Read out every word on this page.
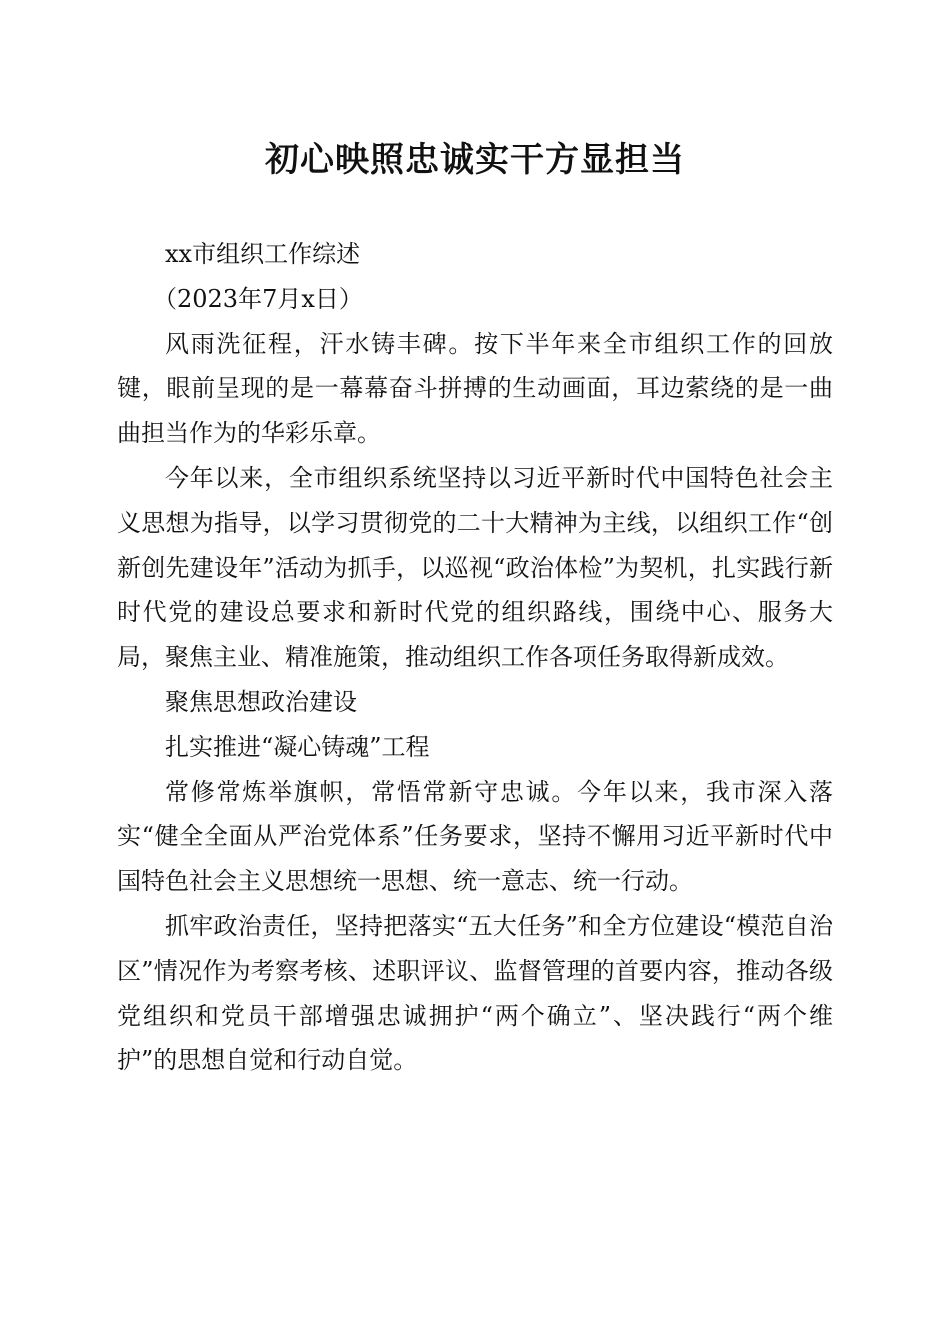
初心映照忠诚实干方显担当

xx市组织工作综述

（2023年7月x日）

风雨洗征程，汗水铸丰碑。按下半年来全市组织工作的回放键，眼前呈现的是一幕幕奋斗拼搏的生动画面，耳边萦绕的是一曲曲担当作为的华彩乐章。

今年以来，全市组织系统坚持以习近平新时代中国特色社会主义思想为指导，以学习贯彻党的二十大精神为主线，以组织工作“创新创先建设年”活动为抓手，以巡视“政治体检”为契机，扎实践行新时代党的建设总要求和新时代党的组织路线，围绕中心、服务大局，聚焦主业、精准施策，推动组织工作各项任务取得新成效。

聚焦思想政治建设

扎实推进“凝心铸魂”工程

常修常炼举旗帜，常悟常新守忠诚。今年以来，我市深入落实“健全全面从严治党体系”任务要求，坚持不懈用习近平新时代中国特色社会主义思想统一思想、统一意志、统一行动。

抓牢政治责任，坚持把落实“五大任务”和全方位建设“模范自治区”情况作为考察考核、述职评议、监督管理的首要内容，推动各级党组织和党员干部增强忠诚拥护“两个确立”、坚决践行“两个维护”的思想自觉和行动自觉。
